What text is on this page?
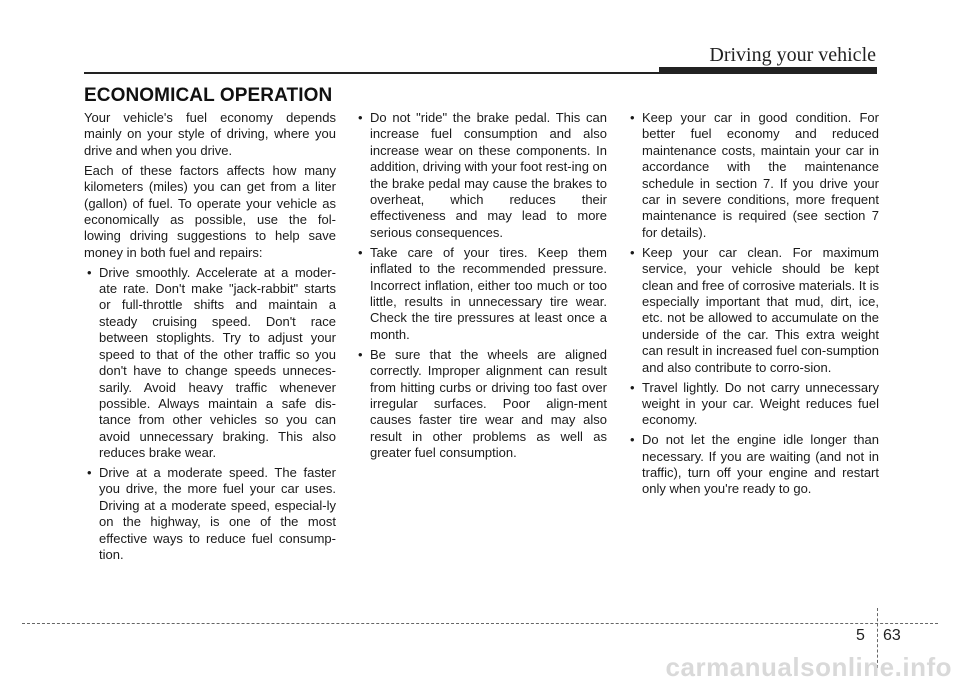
Driving your vehicle
ECONOMICAL OPERATION

Your vehicle's fuel economy depends mainly on your style of driving, where you drive and when you drive.

Each of these factors affects how many kilometers (miles) you can get from a liter (gallon) of fuel. To operate your vehicle as economically as possible, use the fol-lowing driving suggestions to help save money in both fuel and repairs:

• Drive smoothly. Accelerate at a moder-ate rate. Don't make "jack-rabbit" starts or full-throttle shifts and maintain a steady cruising speed. Don't race between stoplights. Try to adjust your speed to that of the other traffic so you don't have to change speeds unneces-sarily. Avoid heavy traffic whenever possible. Always maintain a safe dis-tance from other vehicles so you can avoid unnecessary braking. This also reduces brake wear.
• Drive at a moderate speed. The faster you drive, the more fuel your car uses. Driving at a moderate speed, especial-ly on the highway, is one of the most effective ways to reduce fuel consump-tion.
• Do not "ride" the brake pedal. This can increase fuel consumption and also increase wear on these components. In addition, driving with your foot rest-ing on the brake pedal may cause the brakes to overheat, which reduces their effectiveness and may lead to more serious consequences.
• Take care of your tires. Keep them inflated to the recommended pressure. Incorrect inflation, either too much or too little, results in unnecessary tire wear. Check the tire pressures at least once a month.
• Be sure that the wheels are aligned correctly. Improper alignment can result from hitting curbs or driving too fast over irregular surfaces. Poor align-ment causes faster tire wear and may also result in other problems as well as greater fuel consumption.
• Keep your car in good condition. For better fuel economy and reduced maintenance costs, maintain your car in accordance with the maintenance schedule in section 7. If you drive your car in severe conditions, more frequent maintenance is required (see section 7 for details).
• Keep your car clean. For maximum service, your vehicle should be kept clean and free of corrosive materials. It is especially important that mud, dirt, ice, etc. not be allowed to accumulate on the underside of the car. This extra weight can result in increased fuel con-sumption and also contribute to corro-sion.
• Travel lightly. Do not carry unnecessary weight in your car. Weight reduces fuel economy.
• Do not let the engine idle longer than necessary. If you are waiting (and not in traffic), turn off your engine and restart only when you're ready to go.
5 63
carmanualsonline.info
